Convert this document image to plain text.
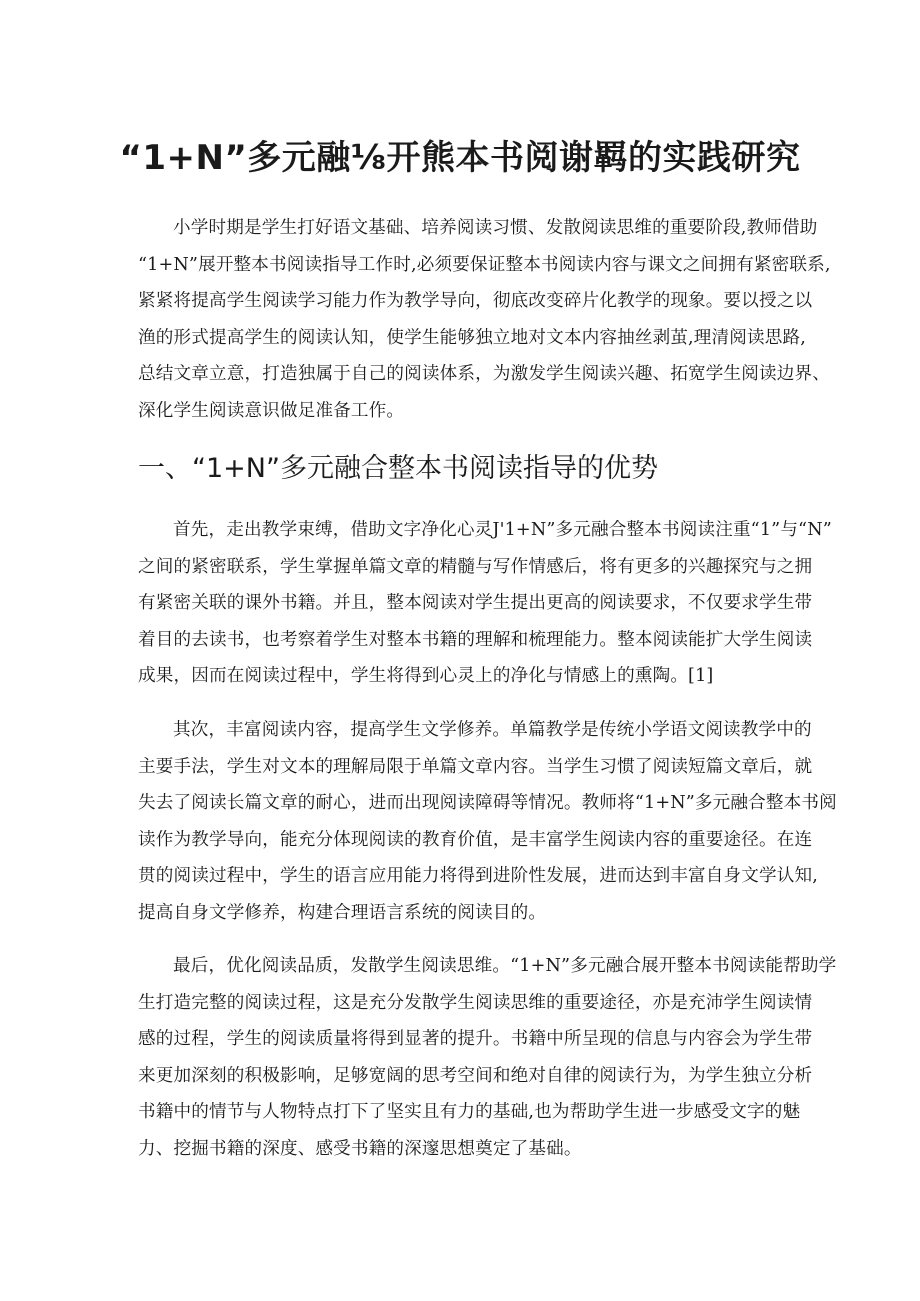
“1+N”多元融⅛开熊本书阅谢羁的实践研究
小学时期是学生打好语文基础、培养阅读习惯、发散阅读思维的重要阶段,教师借助
“1+N”展开整本书阅读指导工作时,必须要保证整本书阅读内容与课文之间拥有紧密联系,
紧紧将提高学生阅读学习能力作为教学导向，彻底改变碎片化教学的现象。要以授之以
渔的形式提高学生的阅读认知，使学生能够独立地对文本内容抽丝剥茧,理清阅读思路,
总结文章立意，打造独属于自己的阅读体系，为激发学生阅读兴趣、拓宽学生阅读边界、
深化学生阅读意识做足准备工作。
一、“1+N”多元融合整本书阅读指导的优势
首先，走出教学束缚，借助文字净化心灵J'1+N”多元融合整本书阅读注重“1”与“N”
之间的紧密联系，学生掌握单篇文章的精髓与写作情感后，将有更多的兴趣探究与之拥
有紧密关联的课外书籍。并且，整本阅读对学生提出更高的阅读要求，不仅要求学生带
着目的去读书，也考察着学生对整本书籍的理解和梳理能力。整本阅读能扩大学生阅读
成果，因而在阅读过程中，学生将得到心灵上的净化与情感上的熏陶。[1]
其次，丰富阅读内容，提高学生文学修养。单篇教学是传统小学语文阅读教学中的
主要手法，学生对文本的理解局限于单篇文章内容。当学生习惯了阅读短篇文章后，就
失去了阅读长篇文章的耐心，进而出现阅读障碍等情况。教师将“1+N”多元融合整本书阅
读作为教学导向，能充分体现阅读的教育价值，是丰富学生阅读内容的重要途径。在连
贯的阅读过程中，学生的语言应用能力将得到进阶性发展，进而达到丰富自身文学认知,
提高自身文学修养，构建合理语言系统的阅读目的。
最后，优化阅读品质，发散学生阅读思维。“1+N”多元融合展开整本书阅读能帮助学
生打造完整的阅读过程，这是充分发散学生阅读思维的重要途径，亦是充沛学生阅读情
感的过程，学生的阅读质量将得到显著的提升。书籍中所呈现的信息与内容会为学生带
来更加深刻的积极影响，足够宽阔的思考空间和绝对自律的阅读行为，为学生独立分析
书籍中的情节与人物特点打下了坚实且有力的基础,也为帮助学生进一步感受文字的魅
力、挖掘书籍的深度、感受书籍的深邃思想奠定了基础。
